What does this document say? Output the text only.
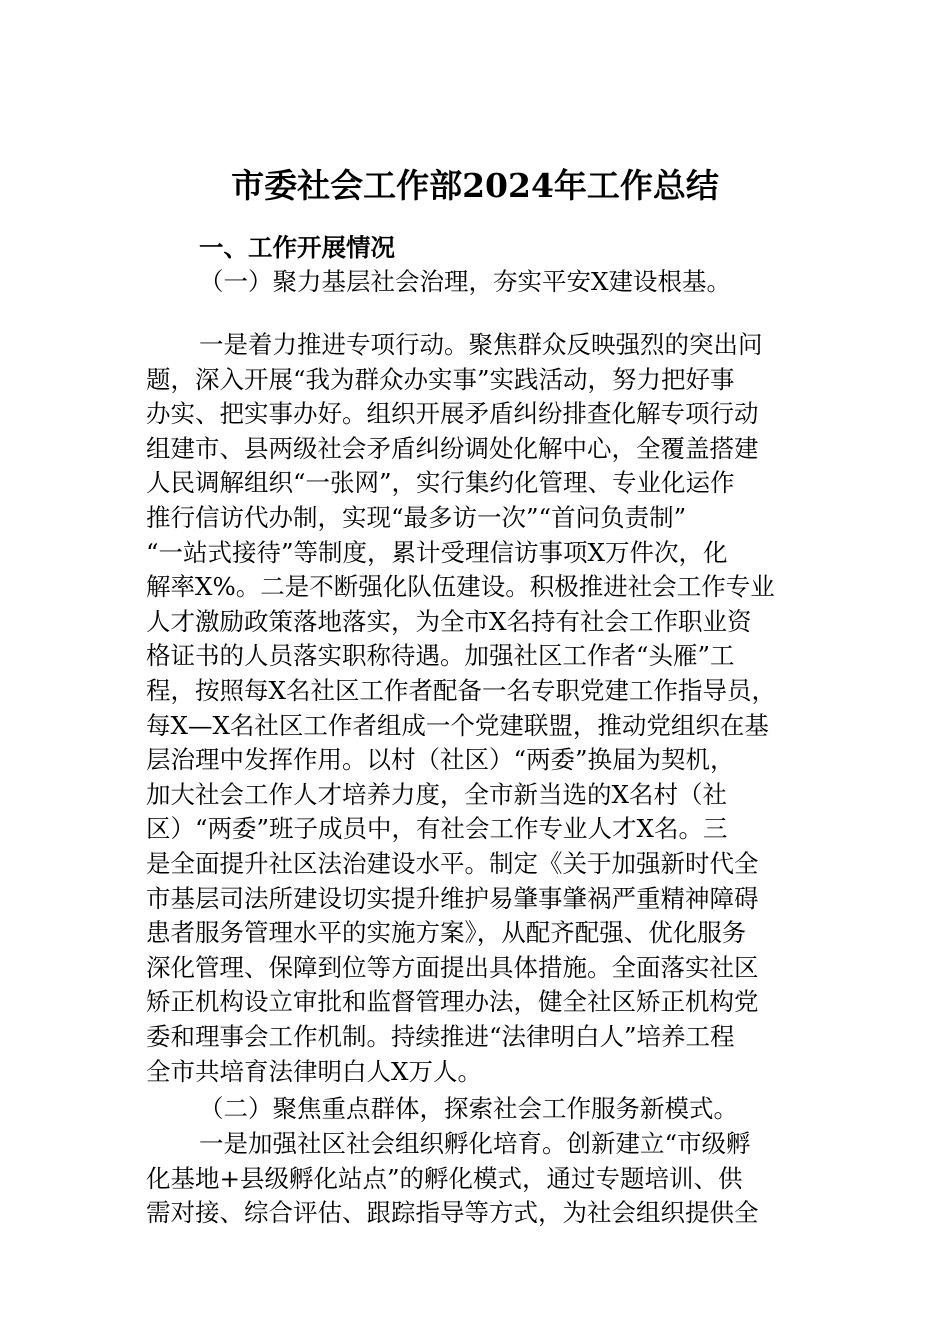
市委社会工作部2024年工作总结
一、工作开展情况
（一）聚力基层社会治理，夯实平安X建设根基。
一是着力推进专项行动。聚焦群众反映强烈的突出问
题，深入开展“我为群众办实事”实践活动，努力把好事
办实、把实事办好。组织开展矛盾纠纷排查化解专项行动
组建市、县两级社会矛盾纠纷调处化解中心，全覆盖搭建
人民调解组织“一张网”，实行集约化管理、专业化运作
推行信访代办制，实现“最多访一次”“首问负责制”
“一站式接待”等制度，累计受理信访事项X万件次，化
解率X%。二是不断强化队伍建设。积极推进社会工作专业
人才激励政策落地落实，为全市X名持有社会工作职业资
格证书的人员落实职称待遇。加强社区工作者“头雁”工
程，按照每X名社区工作者配备一名专职党建工作指导员，
每X—X名社区工作者组成一个党建联盟，推动党组织在基
层治理中发挥作用。以村（社区）“两委”换届为契机，
加大社会工作人才培养力度，全市新当选的X名村（社
区）“两委”班子成员中，有社会工作专业人才X名。三
是全面提升社区法治建设水平。制定《关于加强新时代全
市基层司法所建设切实提升维护易肇事肇祸严重精神障碍
患者服务管理水平的实施方案》，从配齐配强、优化服务
深化管理、保障到位等方面提出具体措施。全面落实社区
矫正机构设立审批和监督管理办法，健全社区矫正机构党
委和理事会工作机制。持续推进“法律明白人”培养工程
全市共培育法律明白人X万人。
（二）聚焦重点群体，探索社会工作服务新模式。
一是加强社区社会组织孵化培育。创新建立“市级孵
化基地+县级孵化站点”的孵化模式，通过专题培训、供
需对接、综合评估、跟踪指导等方式，为社会组织提供全
